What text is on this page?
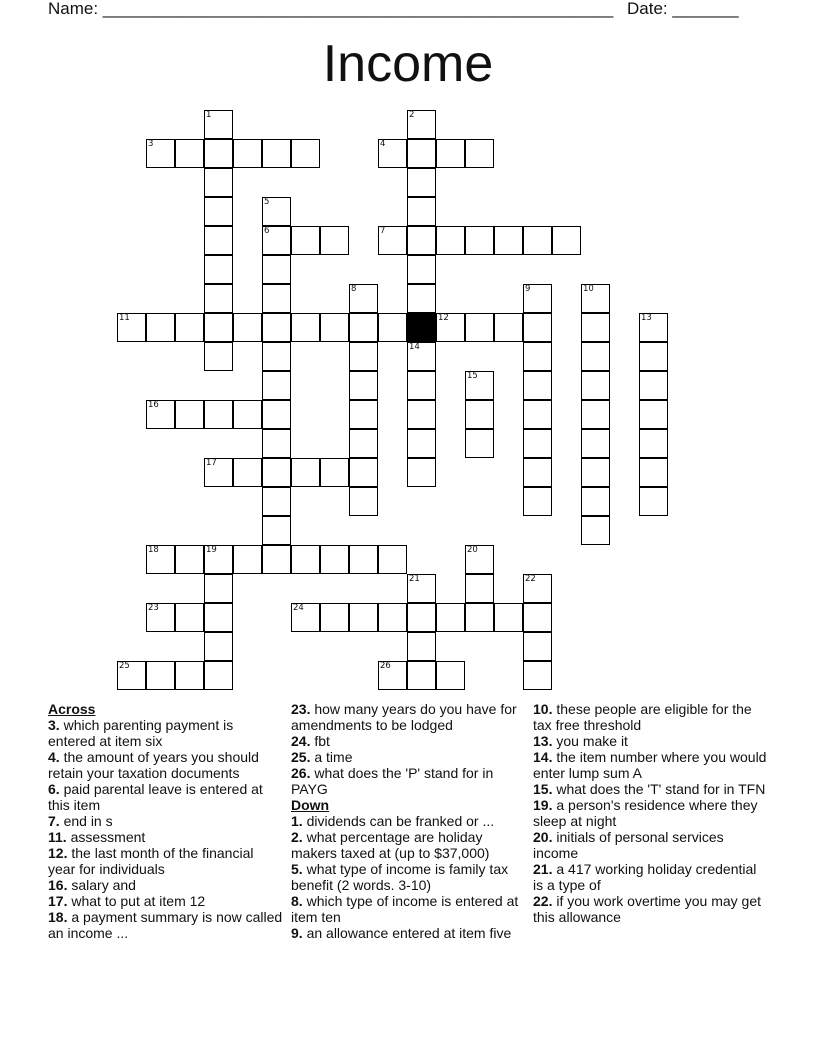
Name: ______________________________________________________ Date: _______
Income
1	2
3	4
5
6	7
8	9	10
11	12	13
14
15
16
17
18	19	20
21	22
23	24
25	26

Across

3. which parenting payment is entered at item six

4. the amount of years you should retain your taxation documents

6. paid parental leave is entered at this item

7. end in s

11. assessment

12. the last month of the financial year for individuals

16. salary and

17. what to put at item 12

18. a payment summary is now called an income ...

23. how many years do you have for amendments to be lodged

24. fbt

25. a time

26. what does the 'P' stand for in PAYG

Down

1. dividends can be franked or ...

2. what percentage are holiday makers taxed at (up to $37,000)

5. what type of income is family tax benefit (2 words. 3-10)

8. which type of income is entered at item ten

9. an allowance entered at item five

10. these people are eligible for the tax free threshold

13. you make it

14. the item number where you would enter lump sum A

15. what does the 'T' stand for in TFN

19. a person's residence where they sleep at night

20. initials of personal services income

21. a 417 working holiday credential is a type of

22. if you work overtime you may get this allowance
